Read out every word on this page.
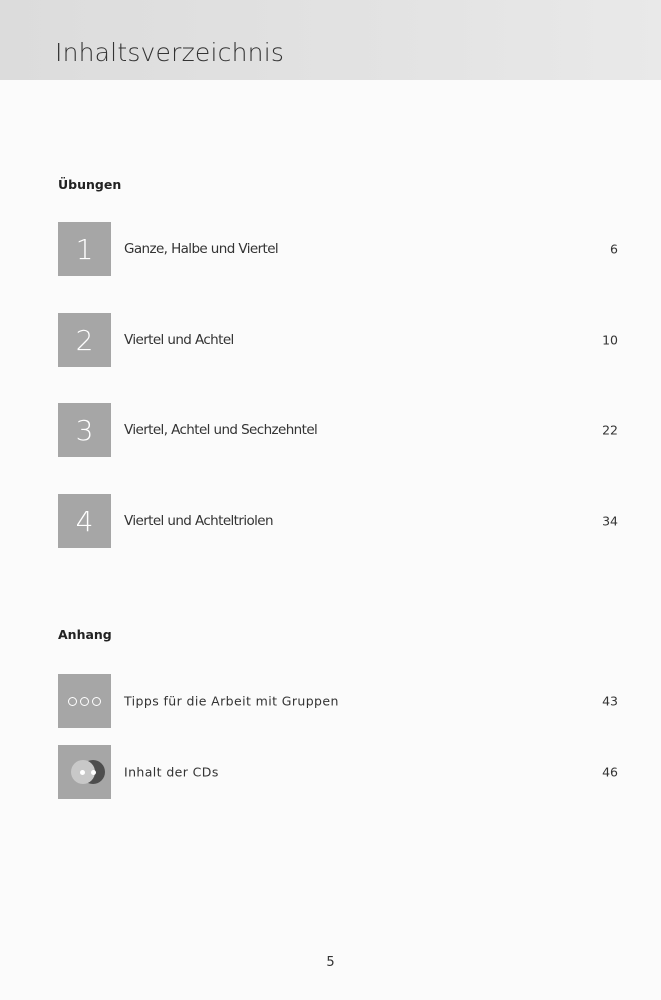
Inhaltsverzeichnis
Übungen
1 Ganze, Halbe und Viertel	6
2 Viertel und Achtel	10
3 Viertel, Achtel und Sechzehntel	22
4 Viertel und Achteltriolen	34
Anhang
Tipps für die Arbeit mit Gruppen	43
Inhalt der CDs	46
5
